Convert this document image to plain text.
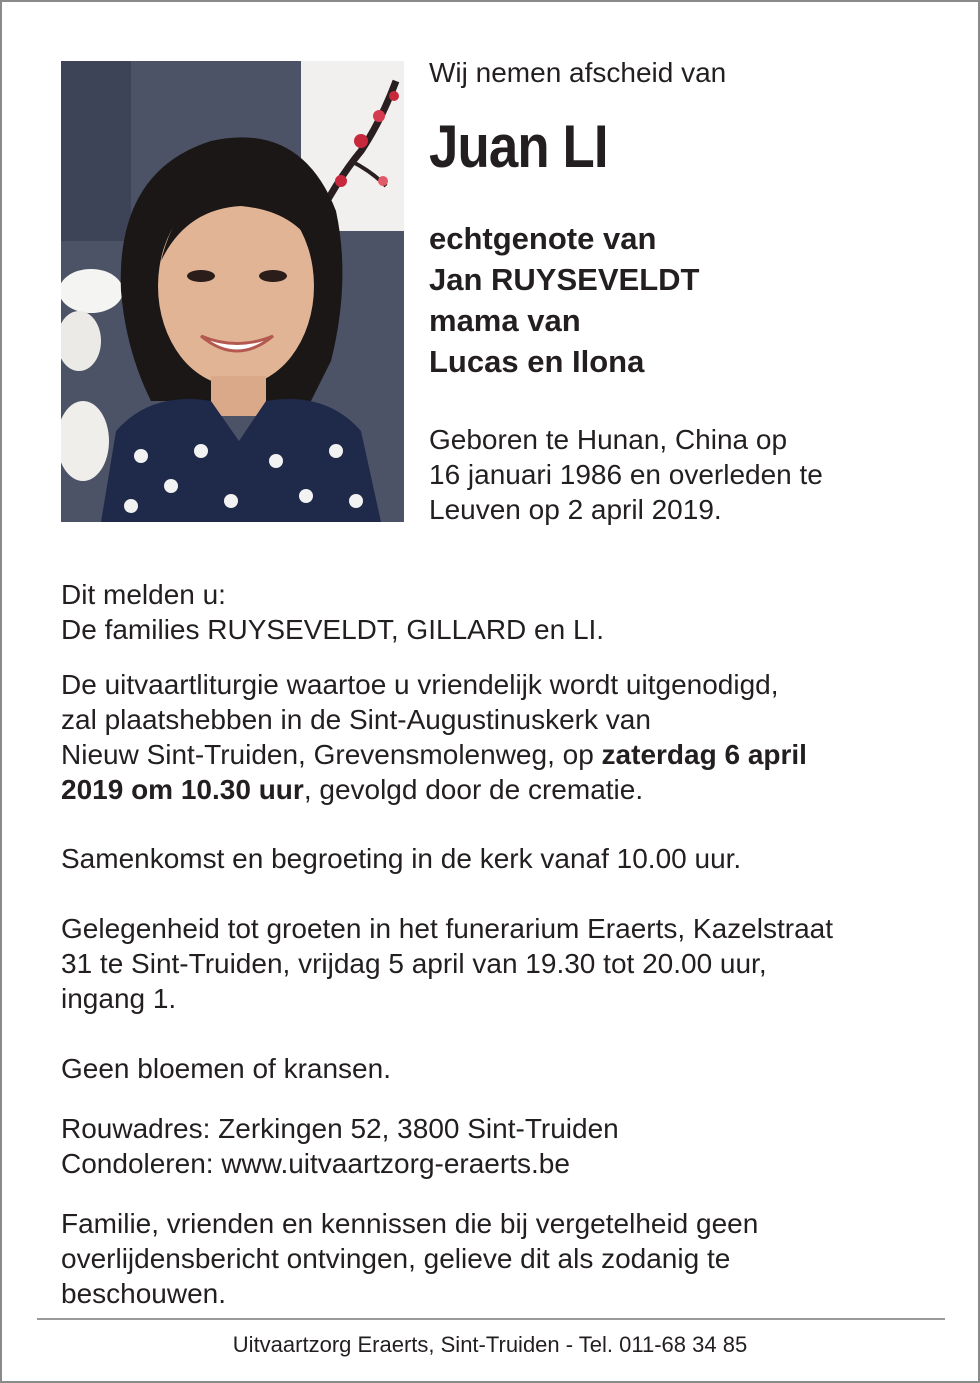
Wij nemen afscheid van

Juan LI
echtgenote van
Jan RUYSEVELDT
mama van
Lucas en Ilona
Geboren te Hunan, China op
16 januari 1986 en overleden te
Leuven op 2 april 2019.
Dit melden u:
De families RUYSEVELDT, GILLARD en LI.
De uitvaartliturgie waartoe u vriendelijk wordt uitgenodigd,
zal plaatshebben in de Sint-Augustinuskerk van
Nieuw Sint-Truiden, Grevensmolenweg, op zaterdag 6 april
2019 om 10.30 uur, gevolgd door de crematie.
Samenkomst en begroeting in de kerk vanaf 10.00 uur.
Gelegenheid tot groeten in het funerarium Eraerts, Kazelstraat
31 te Sint-Truiden, vrijdag 5 april van 19.30 tot 20.00 uur,
ingang 1.
Geen bloemen of kransen.
Rouwadres: Zerkingen 52, 3800 Sint-Truiden
Condoleren: www.uitvaartzorg-eraerts.be
Familie, vrienden en kennissen die bij vergetelheid geen
overlijdensbericht ontvingen, gelieve dit als zodanig te
beschouwen.
Uitvaartzorg Eraerts, Sint-Truiden - Tel. 011-68 34 85
